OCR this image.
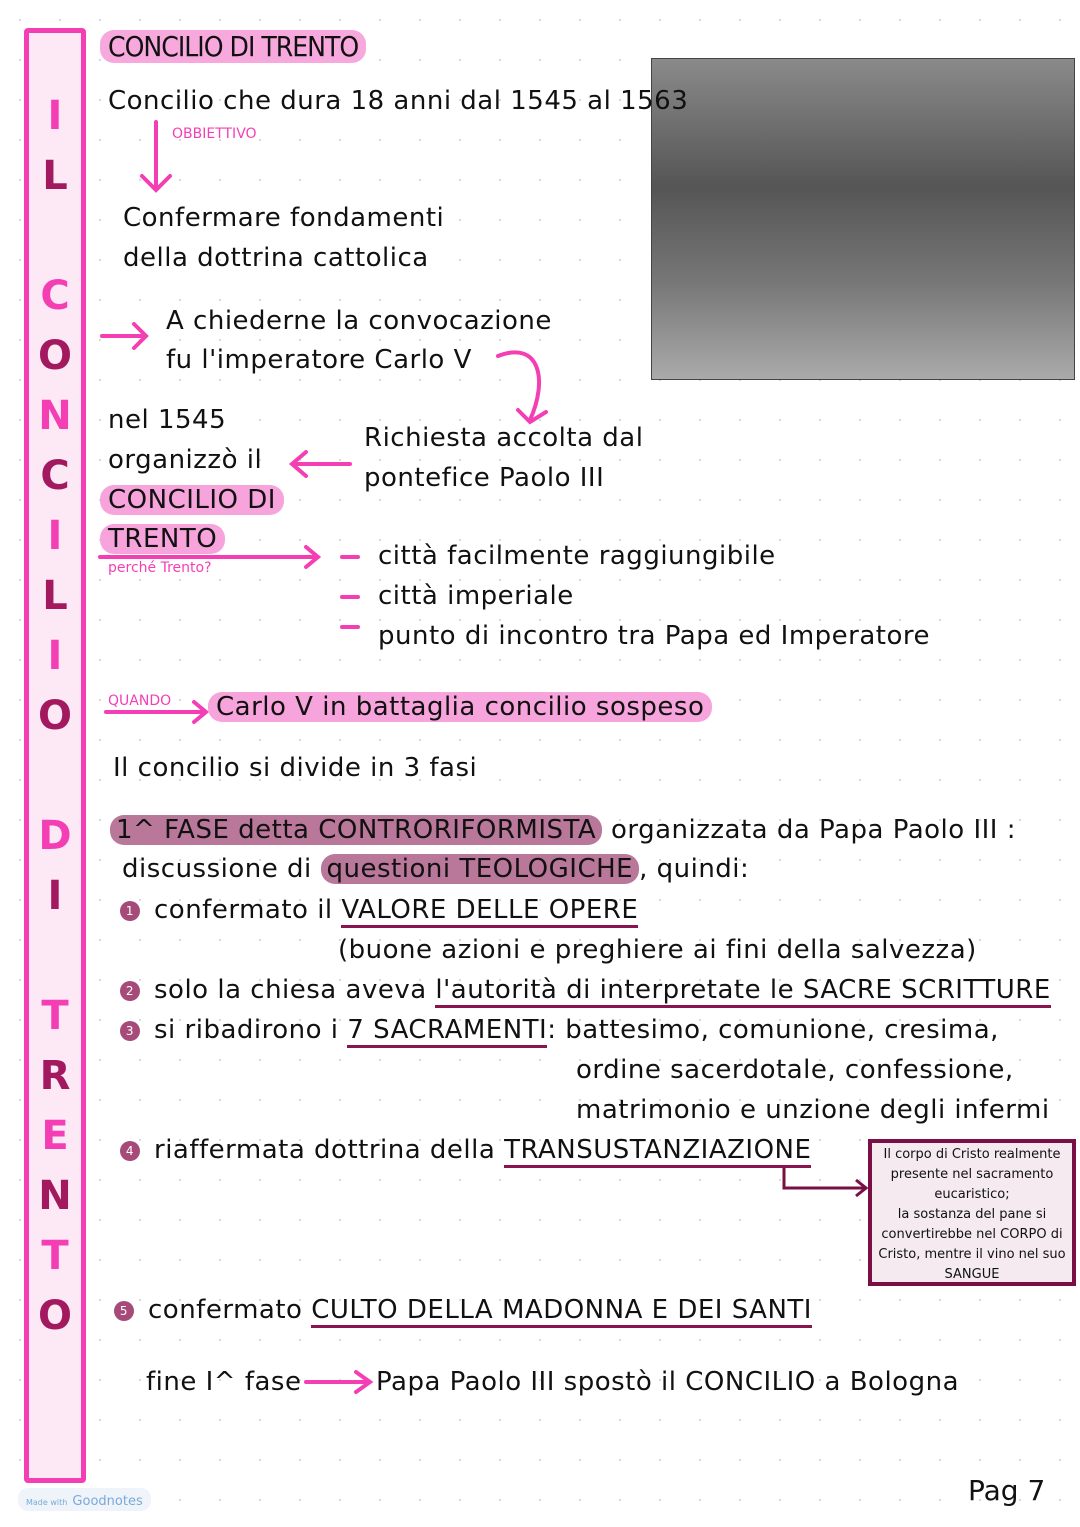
I
L
C
O
N
C
I
L
I
O
D
I
T
R
E
N
T
O
CONCILIO DI TRENTO
Concilio che dura 18 anni dal 1545 al 1563
OBBIETTIVO
Confermare fondamenti
della dottrina cattolica
A chiederne la convocazione
fu l'imperatore Carlo V
Richiesta accolta dal
pontefice Paolo III
nel 1545
organizzò il
CONCILIO DI
TRENTO
perché Trento?	città facilmente raggiungibile
città imperiale
punto di incontro tra Papa ed Imperatore
QUANDO	Carlo V in battaglia concilio sospeso
Il concilio si divide in 3 fasi
1^ FASE detta CONTRORIFORMISTA organizzata da Papa Paolo III :
discussione di questioni TEOLOGICHE , quindi:
1 confermato il VALORE DELLE OPERE
(buone azioni e preghiere ai fini della salvezza)
2 solo la chiesa aveva l'autorità di interpretate le SACRE SCRITTURE
3 si ribadirono i 7 SACRAMENTI: battesimo, comunione, cresima,
ordine sacerdotale, confessione,
matrimonio e unzione degli infermi
4 riaffermata dottrina della TRANSUSTANZIAZIONE	Il corpo di Cristo realmente
presente nel sacramento
eucaristico;
la sostanza del pane si
convertirebbe nel CORPO di
Cristo, mentre il vino nel suo
SANGUE
5 confermato CULTO DELLA MADONNA E DEI SANTI
fine I^ fase	Papa Paolo III spostò il CONCILIO a Bologna
Pag 7
Made with Goodnotes
